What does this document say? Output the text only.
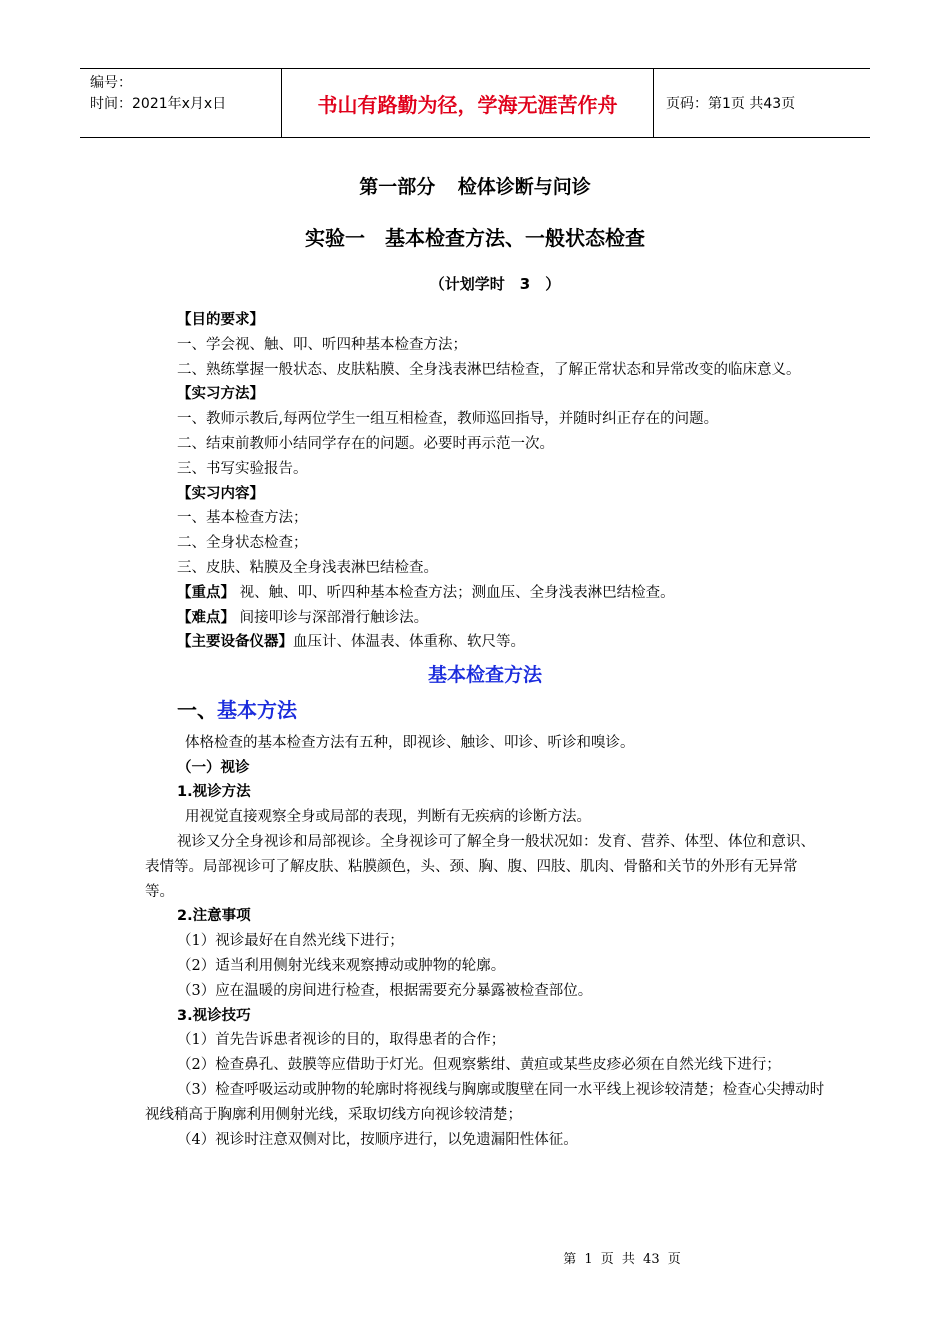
编号：
时间：2021年x月x日	书山有路勤为径，学海无涯苦作舟	页码：第1页 共43页
第一部分 检体诊断与问诊
实验一　基本检查方法、一般状态检查
（计划学时　3　）

【目的要求】

一、学会视、触、叩、听四种基本检查方法；

二、熟练掌握一般状态、皮肤粘膜、全身浅表淋巴结检查，了解正常状态和异常改变的临床意义。

【实习方法】

一、教师示教后,每两位学生一组互相检查，教师巡回指导，并随时纠正存在的问题。

二、结束前教师小结同学存在的问题。必要时再示范一次。

三、书写实验报告。

【实习内容】

一、基本检查方法；

二、全身状态检查；

三、皮肤、粘膜及全身浅表淋巴结检查。

【重点】 视、触、叩、听四种基本检查方法；测血压、全身浅表淋巴结检查。

【难点】 间接叩诊与深部滑行触诊法。

【主要设备仪器】血压计、体温表、体重称、软尺等。

基本检查方法

一、基本方法

体格检查的基本检查方法有五种，即视诊、触诊、叩诊、听诊和嗅诊。

（一）视诊

1.视诊方法

用视觉直接观察全身或局部的表现，判断有无疾病的诊断方法。

视诊又分全身视诊和局部视诊。全身视诊可了解全身一般状况如：发育、营养、体型、体位和意识、表情等。局部视诊可了解皮肤、粘膜颜色，头、颈、胸、腹、四肢、肌肉、骨骼和关节的外形有无异常等。

2.注意事项

（1）视诊最好在自然光线下进行；

（2）适当利用侧射光线来观察搏动或肿物的轮廓。

（3）应在温暖的房间进行检查，根据需要充分暴露被检查部位。

3.视诊技巧

（1）首先告诉患者视诊的目的，取得患者的合作；

（2）检查鼻孔、鼓膜等应借助于灯光。但观察紫绀、黄疸或某些皮疹必须在自然光线下进行；

（3）检查呼吸运动或肿物的轮廓时将视线与胸廓或腹壁在同一水平线上视诊较清楚；检查心尖搏动时视线稍高于胸廓利用侧射光线，采取切线方向视诊较清楚；

（4）视诊时注意双侧对比，按顺序进行，以免遗漏阳性体征。

第 1 页 共 43 页
